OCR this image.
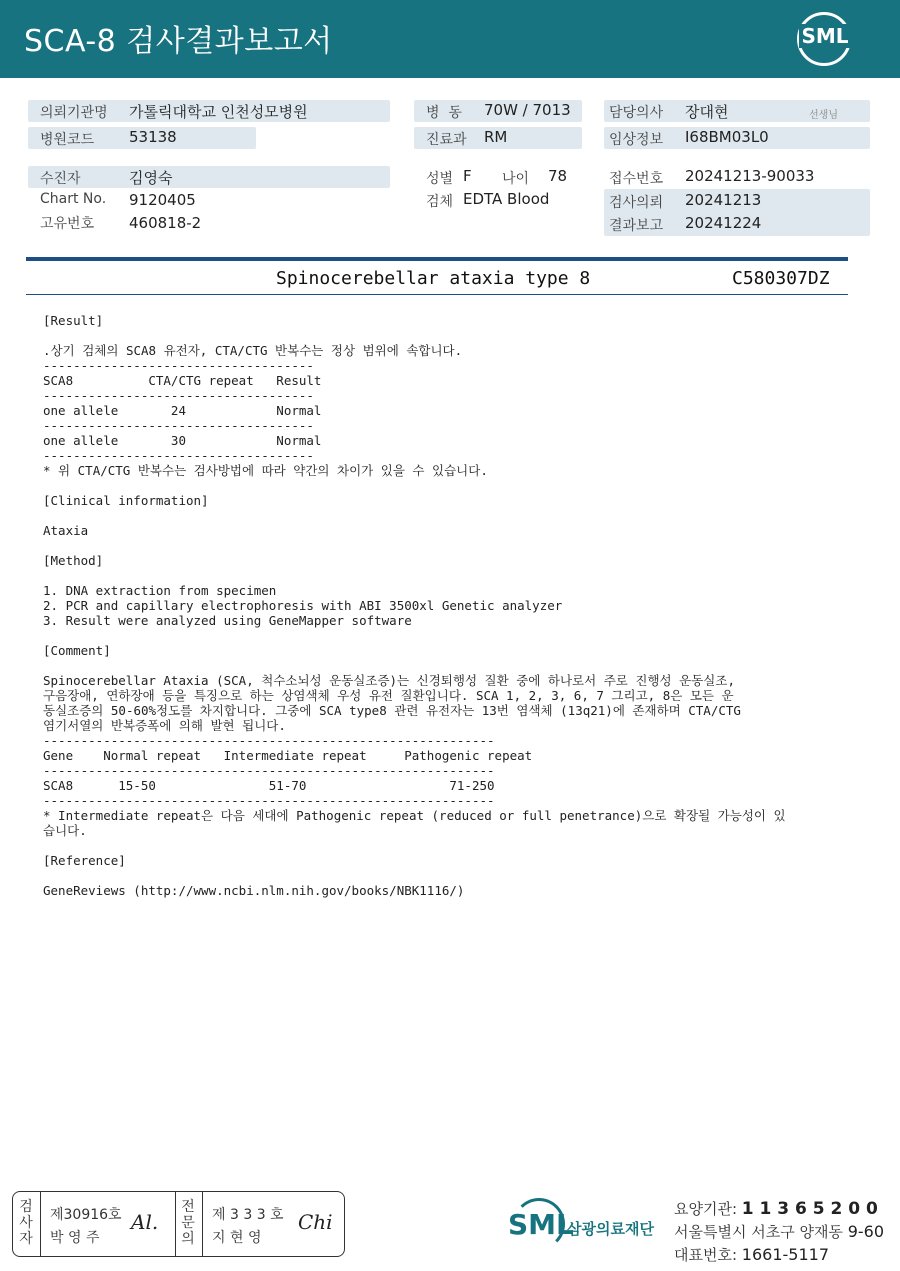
SCA-8 검사결과보고서	SML
의뢰기관명 가톨릭대학교 인천성모병원	병  동 70W / 7013	담당의사 장대현	선생님
병원코드 53138	진료과 RM	임상정보 I68BM03L0
수진자	김영숙	성별 F 나이 78	접수번호 20241213-90033
Chart No. 9120405	검체 EDTA Blood	검사의뢰 20241213
고유번호 460818-2	결과보고 20241224
Spinocerebellar ataxia type 8	C580307DZ
[Result]

.상기 검체의 SCA8 유전자, CTA/CTG 반복수는 정상 범위에 속합니다.
------------------------------------
SCA8          CTA/CTG repeat   Result
------------------------------------
one allele       24            Normal
------------------------------------
one allele       30            Normal
------------------------------------
* 위 CTA/CTG 반복수는 검사방법에 따라 약간의 차이가 있을 수 있습니다.

[Clinical information]

Ataxia

[Method]

1. DNA extraction from specimen
2. PCR and capillary electrophoresis with ABI 3500xl Genetic analyzer
3. Result were analyzed using GeneMapper software

[Comment]

Spinocerebellar Ataxia (SCA, 척수소뇌성 운동실조증)는 신경퇴행성 질환 중에 하나로서 주로 진행성 운동실조,
구음장애, 연하장애 등을 특징으로 하는 상염색체 우성 유전 질환입니다. SCA 1, 2, 3, 6, 7 그리고, 8은 모든 운
동실조증의 50-60%정도를 차지합니다. 그중에 SCA type8 관련 유전자는 13번 염색체 (13q21)에 존재하며 CTA/CTG
염기서열의 반복증폭에 의해 발현 됩니다.
------------------------------------------------------------
Gene    Normal repeat   Intermediate repeat     Pathogenic repeat
------------------------------------------------------------
SCA8      15-50               51-70                   71-250
------------------------------------------------------------
* Intermediate repeat은 다음 세대에 Pathogenic repeat (reduced or full penetrance)으로 확장될 가능성이 있
습니다.

[Reference]

GeneReviews (http://www.ncbi.nlm.nih.gov/books/NBK1116/)
검
사
자
제30916호
박 영 주
Al.
전
문
의
제 3 3 3 호
지 현 영
Chi	SML
삼광의료재단
요양기관: 1 1 3 6 5 2 0 0
서울특별시 서초구 양재동 9-60
대표번호: 1661-5117
